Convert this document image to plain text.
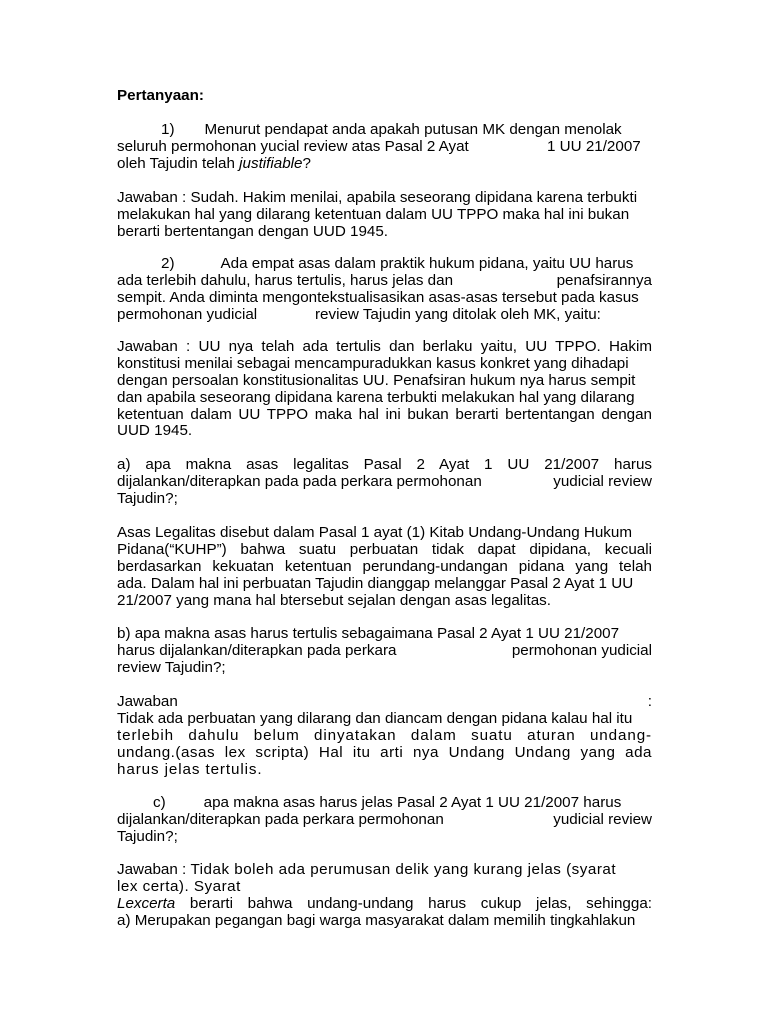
Pertanyaan:
1) Menurut pendapat anda apakah putusan MK dengan menolak
seluruh permohonan yucial review atas Pasal 2 Ayat	1 UU 21/2007
oleh Tajudin telah justifiable?
Jawaban : Sudah. Hakim menilai, apabila seseorang dipidana karena terbukti
melakukan hal yang dilarang ketentuan dalam UU TPPO maka hal ini bukan
berarti bertentangan dengan UUD 1945.
2)	Ada empat asas dalam praktik hukum pidana, yaitu UU harus
ada terlebih dahulu, harus tertulis, harus jelas dan	penafsirannya
sempit. Anda diminta mengontekstualisasikan asas-asas tersebut pada kasus
permohonan yudicial	review Tajudin yang ditolak oleh MK, yaitu:
Jawaban : UU nya telah ada tertulis dan berlaku yaitu, UU TPPO. Hakim
konstitusi menilai sebagai mencampuradukkan kasus konkret yang dihadapi
dengan persoalan konstitusionalitas UU. Penafsiran hukum nya harus sempit
dan apabila seseorang dipidana karena terbukti melakukan hal yang dilarang
ketentuan dalam UU TPPO maka hal ini bukan berarti bertentangan dengan
UUD 1945.
a) apa makna asas legalitas Pasal 2 Ayat 1 UU 21/2007 harus
dijalankan/diterapkan pada pada perkara permohonan	yudicial review
Tajudin?;
Asas Legalitas disebut dalam Pasal 1 ayat (1) Kitab Undang-Undang Hukum
Pidana(“KUHP”) bahwa suatu perbuatan tidak dapat dipidana, kecuali
berdasarkan kekuatan ketentuan perundang-undangan pidana yang telah
ada. Dalam hal ini perbuatan Tajudin dianggap melanggar Pasal 2 Ayat 1 UU
21/2007 yang mana hal btersebut sejalan dengan asas legalitas.
b) apa makna asas harus tertulis sebagaimana Pasal 2 Ayat 1 UU 21/2007
harus dijalankan/diterapkan pada perkara	permohonan yudicial
review Tajudin?;
Jawaban	:
Tidak ada perbuatan yang dilarang dan diancam dengan pidana kalau hal itu
terlebih dahulu belum dinyatakan dalam suatu aturan undang-
undang.(asas lex scripta) Hal itu arti nya Undang Undang yang ada
harus jelas tertulis.
c)	apa makna asas harus jelas Pasal 2 Ayat 1 UU 21/2007 harus
dijalankan/diterapkan pada perkara permohonan	yudicial review
Tajudin?;
Jawaban : Tidak boleh ada perumusan delik yang kurang jelas (syarat
lex certa). Syarat
Lexcerta berarti bahwa undang-undang harus cukup jelas, sehingga:
a) Merupakan pegangan bagi warga masyarakat dalam memilih tingkahlakun
